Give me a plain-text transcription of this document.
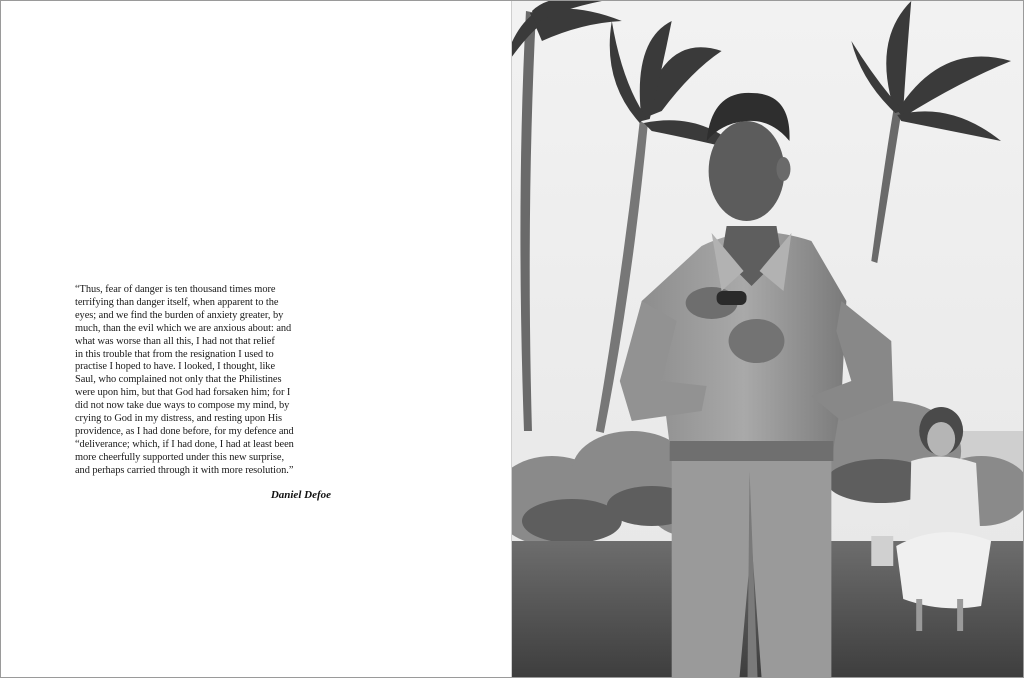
“Thus, fear of danger is ten thousand times more
terrifying than danger itself, when apparent to the
eyes; and we find the burden of anxiety greater, by
much, than the evil which we are anxious about: and
what was worse than all this, I had not that relief
in this trouble that from the resignation I used to
practise I hoped to have. I looked, I thought, like
Saul, who complained not only that the Philistines
were upon him, but that God had forsaken him; for I
did not now take due ways to compose my mind, by
crying to God in my distress, and resting upon His
providence, as I had done before, for my defence and
“deliverance; which, if I had done, I had at least been
more cheerfully supported under this new surprise,
and perhaps carried through it with more resolution.”
Daniel Defoe
